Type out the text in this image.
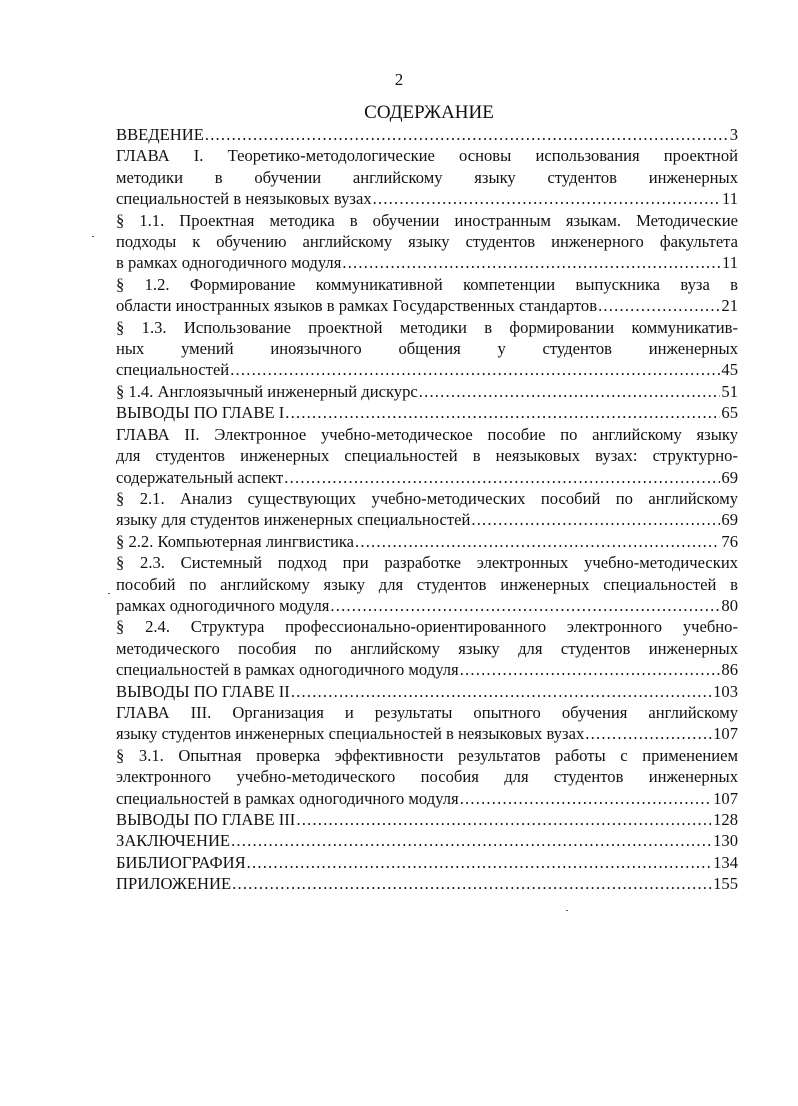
2
СОДЕРЖАНИЕ
ВВЕДЕНИЕ .....	3
ГЛАВА I. Теоретико-методологические основы использования проектной
методики в обучении английскому языку студентов инженерных
специальностей в неязыковых вузах .....	11
§ 1.1. Проектная методика в обучении иностранным языкам. Методические
подходы к обучению английскому языку студентов инженерного факультета
в рамках одногодичного модуля .....	11
§ 1.2. Формирование коммуникативной компетенции выпускника вуза в
области иностранных языков в рамках Государственных стандартов .....	21
§ 1.3. Использование проектной методики в формировании коммуникатив-
ных умений иноязычного общения у студентов инженерных
специальностей .....	45
§ 1.4. Англоязычный инженерный дискурс .....	51
ВЫВОДЫ ПО ГЛАВЕ I .....	65
ГЛАВА II. Электронное учебно-методическое пособие по английскому языку
для студентов инженерных специальностей в неязыковых вузах: структурно-
содержательный аспект .....	69
§ 2.1. Анализ существующих учебно-методических пособий по английскому
языку для студентов инженерных специальностей .....	69
§ 2.2. Компьютерная лингвистика .....	76
§ 2.3. Системный подход при разработке электронных учебно-методических
пособий по английскому языку для студентов инженерных специальностей в
рамках одногодичного модуля .....	80
§ 2.4. Структура профессионально-ориентированного электронного учебно-
методического пособия по английскому языку для студентов инженерных
специальностей в рамках одногодичного модуля .....	86
ВЫВОДЫ ПО ГЛАВЕ II .....	103
ГЛАВА III. Организация и результаты опытного обучения английскому
языку студентов инженерных специальностей в неязыковых вузах .....	107
§ 3.1. Опытная проверка эффективности результатов работы с применением
электронного учебно-методического пособия для студентов инженерных
специальностей в рамках одногодичного модуля .....	107
ВЫВОДЫ ПО ГЛАВЕ III .....	128
ЗАКЛЮЧЕНИЕ .....	130
БИБЛИОГРАФИЯ .....	134
ПРИЛОЖЕНИЕ .....	155
